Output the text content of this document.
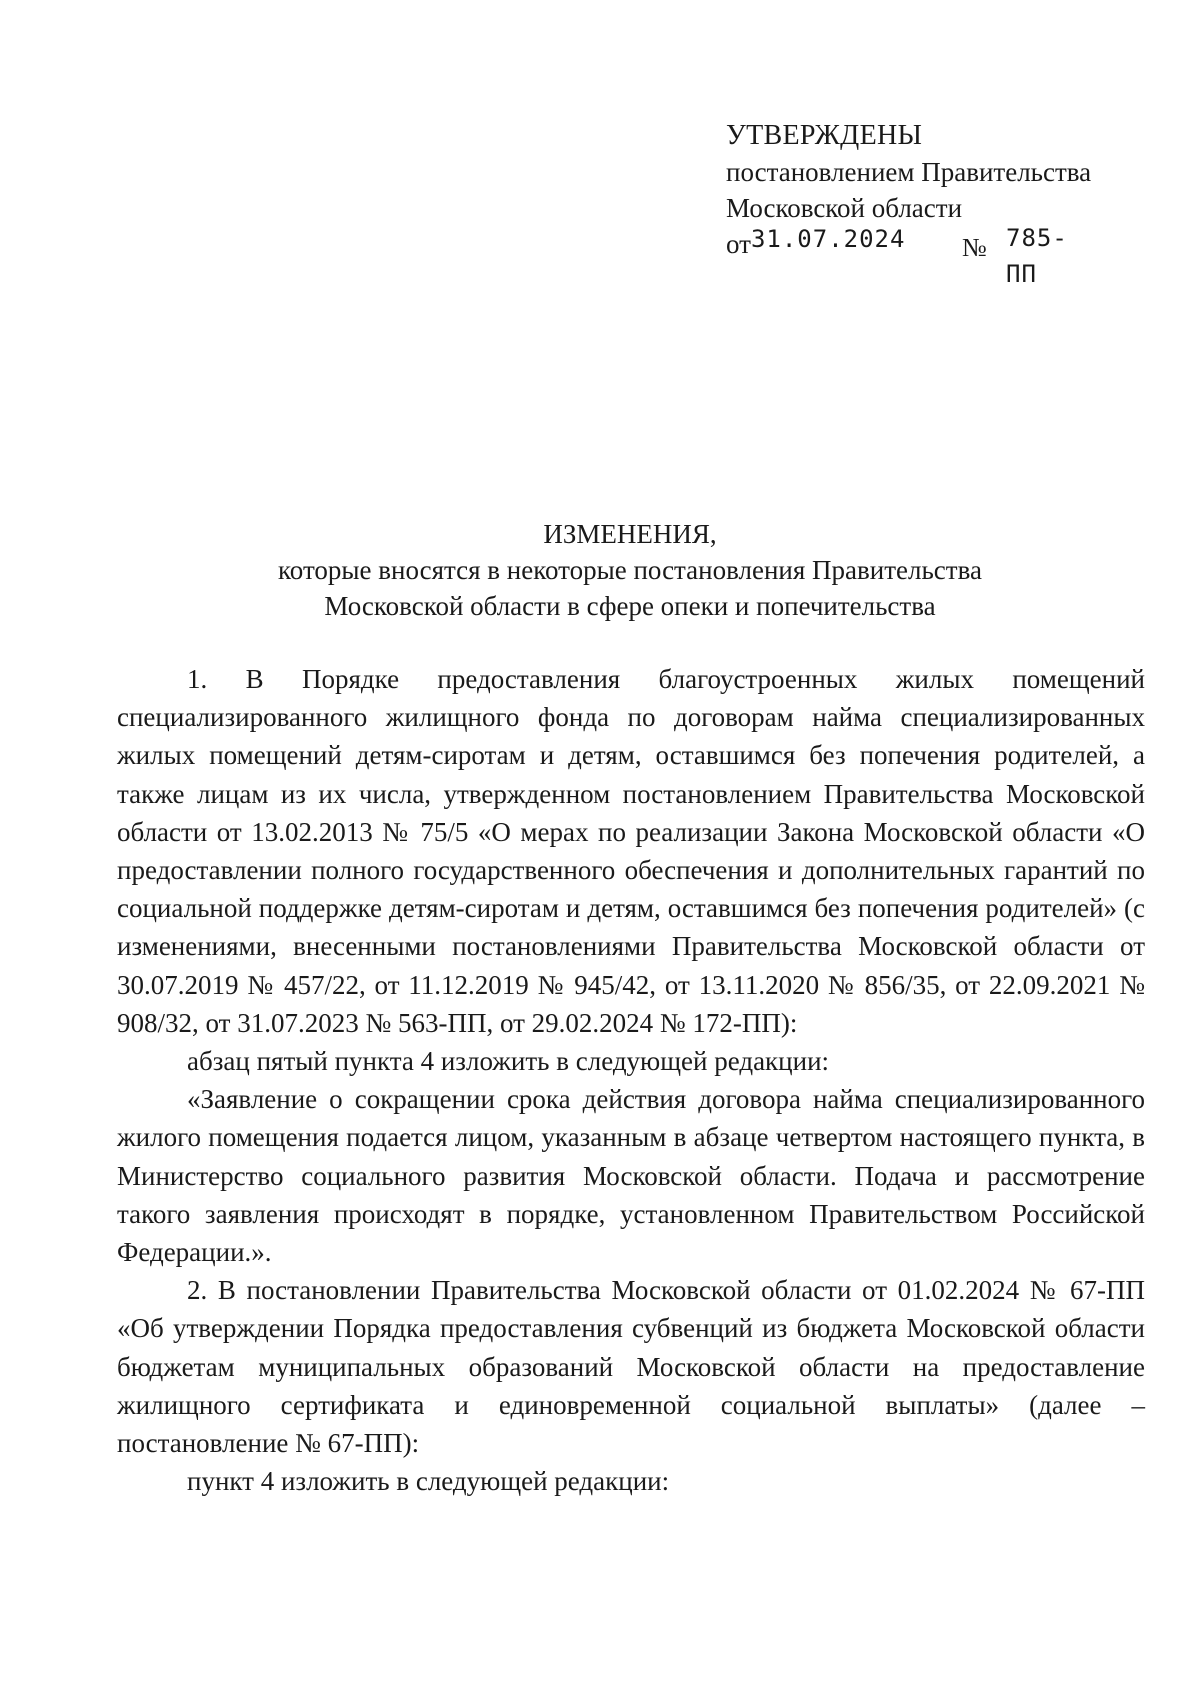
УТВЕРЖДЕНЫ
постановлением Правительства
Московской области
от31.07.2024 № 785-ПП
ИЗМЕНЕНИЯ,
которые вносятся в некоторые постановления Правительства
Московской области в сфере опеки и попечительства

1. В Порядке предоставления благоустроенных жилых помещений специализированного жилищного фонда по договорам найма специализированных жилых помещений детям-сиротам и детям, оставшимся без попечения родителей, а также лицам из их числа, утвержденном постановлением Правительства Московской области от 13.02.2013 № 75/5 «О мерах по реализации Закона Московской области «О предоставлении полного государственного обеспечения и дополнительных гарантий по социальной поддержке детям-сиротам и детям, оставшимся без попечения родителей» (с изменениями, внесенными постановлениями Правительства Московской области от 30.07.2019 № 457/22, от 11.12.2019 № 945/42, от 13.11.2020 № 856/35, от 22.09.2021 № 908/32, от 31.07.2023 № 563-ПП, от 29.02.2024 № 172-ПП):

абзац пятый пункта 4 изложить в следующей редакции:

«Заявление о сокращении срока действия договора найма специализированного жилого помещения подается лицом, указанным в абзаце четвертом настоящего пункта, в Министерство социального развития Московской области. Подача и рассмотрение такого заявления происходят в порядке, установленном Правительством Российской Федерации.».

2. В постановлении Правительства Московской области от 01.02.2024 № 67-ПП «Об утверждении Порядка предоставления субвенций из бюджета Московской области бюджетам муниципальных образований Московской области на предоставление жилищного сертификата и единовременной социальной выплаты» (далее – постановление № 67-ПП):

пункт 4 изложить в следующей редакции:
